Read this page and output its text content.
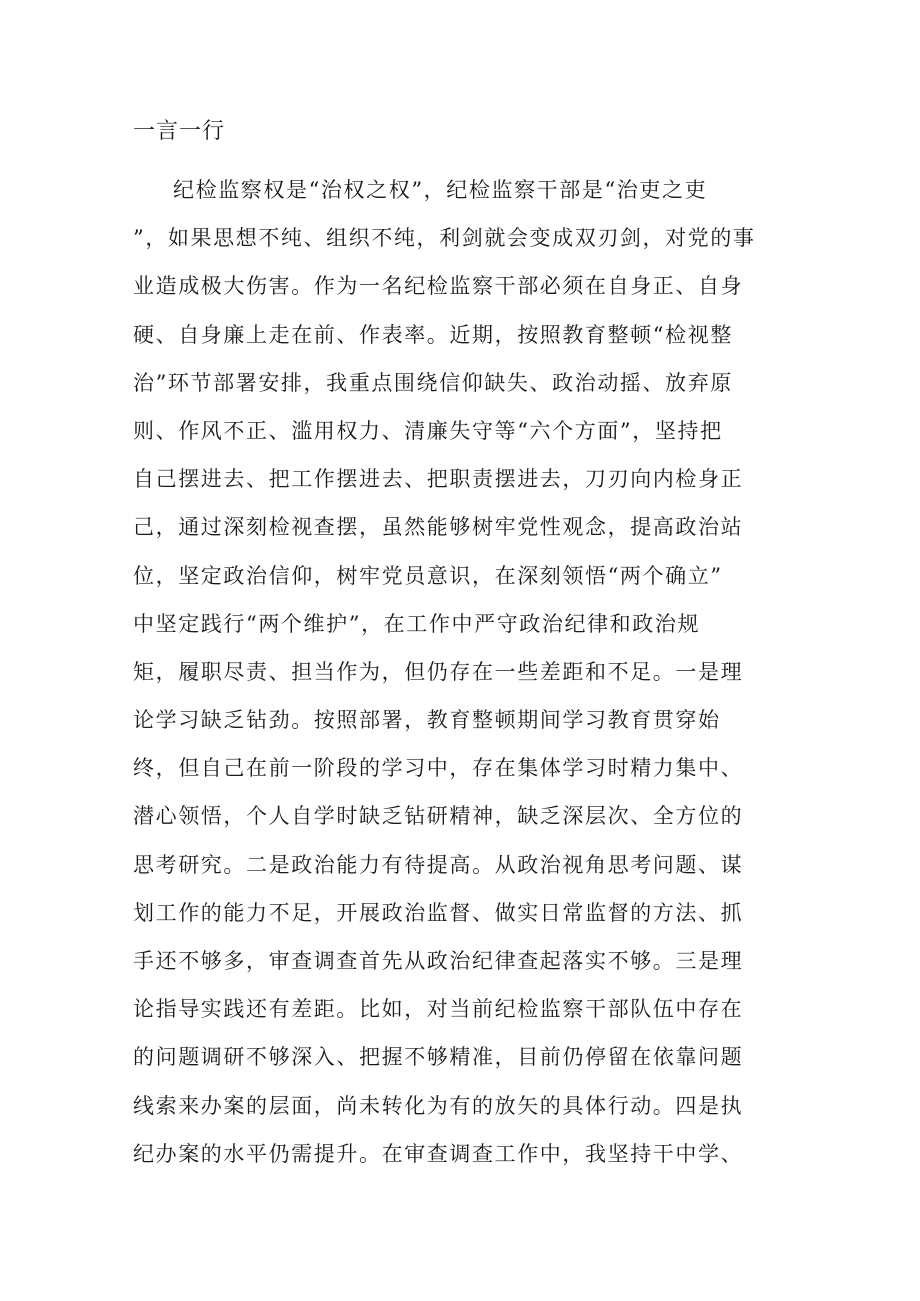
一言一行
纪检监察权是“治权之权”，纪检监察干部是“治吏之吏
”，如果思想不纯、组织不纯，利剑就会变成双刃剑，对党的事
业造成极大伤害。作为一名纪检监察干部必须在自身正、自身
硬、自身廉上走在前、作表率。近期，按照教育整顿“检视整
治”环节部署安排，我重点围绕信仰缺失、政治动摇、放弃原
则、作风不正、滥用权力、清廉失守等“六个方面”，坚持把
自己摆进去、把工作摆进去、把职责摆进去，刀刃向内检身正
己，通过深刻检视查摆，虽然能够树牢党性观念，提高政治站
位，坚定政治信仰，树牢党员意识，在深刻领悟“两个确立”
中坚定践行“两个维护”，在工作中严守政治纪律和政治规
矩，履职尽责、担当作为，但仍存在一些差距和不足。一是理
论学习缺乏钻劲。按照部署，教育整顿期间学习教育贯穿始
终，但自己在前一阶段的学习中，存在集体学习时精力集中、
潜心领悟，个人自学时缺乏钻研精神，缺乏深层次、全方位的
思考研究。二是政治能力有待提高。从政治视角思考问题、谋
划工作的能力不足，开展政治监督、做实日常监督的方法、抓
手还不够多，审查调查首先从政治纪律查起落实不够。三是理
论指导实践还有差距。比如，对当前纪检监察干部队伍中存在
的问题调研不够深入、把握不够精准，目前仍停留在依靠问题
线索来办案的层面，尚未转化为有的放矢的具体行动。四是执
纪办案的水平仍需提升。在审查调查工作中，我坚持干中学、
